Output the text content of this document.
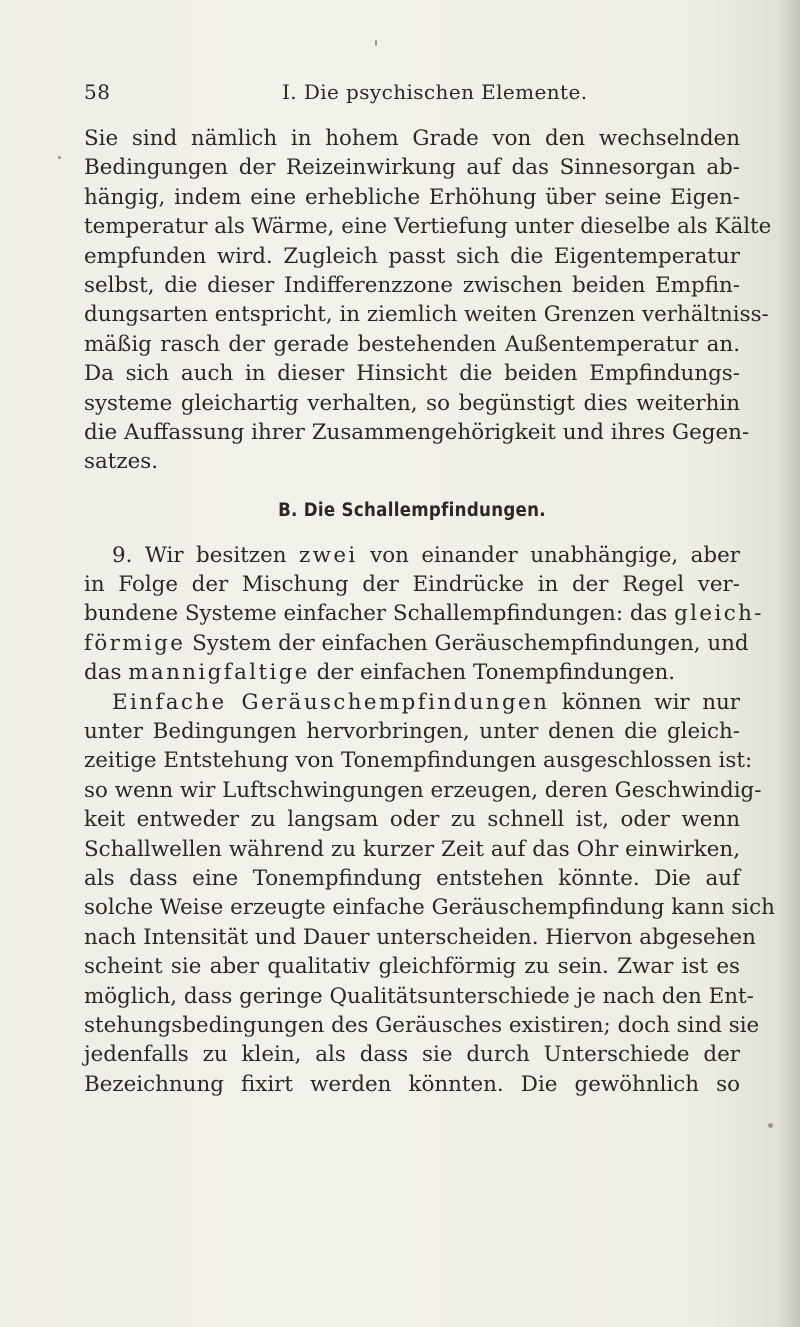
58	I. Die psychischen Elemente.
Sie sind nämlich in hohem Grade von den wechselnden
Bedingungen der Reizeinwirkung auf das Sinnesorgan ab-
hängig, indem eine erhebliche Erhöhung über seine Eigen-
temperatur als Wärme, eine Vertiefung unter dieselbe als Kälte
empfunden wird. Zugleich passt sich die Eigentemperatur
selbst, die dieser Indifferenzzone zwischen beiden Empfin-
dungsarten entspricht, in ziemlich weiten Grenzen verhältniss-
mäßig rasch der gerade bestehenden Außentemperatur an.
Da sich auch in dieser Hinsicht die beiden Empfindungs-
systeme gleichartig verhalten, so begünstigt dies weiterhin
die Auffassung ihrer Zusammengehörigkeit und ihres Gegen-
satzes.
B. Die Schallempfindungen.
9. Wir besitzen zwei von einander unabhängige, aber
in Folge der Mischung der Eindrücke in der Regel ver-
bundene Systeme einfacher Schallempfindungen: das gleich-
förmige System der einfachen Geräuschempfindungen, und
das mannigfaltige der einfachen Tonempfindungen.
Einfache Geräuschempfindungen können wir nur
unter Bedingungen hervorbringen, unter denen die gleich-
zeitige Entstehung von Tonempfindungen ausgeschlossen ist:
so wenn wir Luftschwingungen erzeugen, deren Geschwindig-
keit entweder zu langsam oder zu schnell ist, oder wenn
Schallwellen während zu kurzer Zeit auf das Ohr einwirken,
als dass eine Tonempfindung entstehen könnte. Die auf
solche Weise erzeugte einfache Geräuschempfindung kann sich
nach Intensität und Dauer unterscheiden. Hiervon abgesehen
scheint sie aber qualitativ gleichförmig zu sein. Zwar ist es
möglich, dass geringe Qualitätsunterschiede je nach den Ent-
stehungsbedingungen des Geräusches existiren; doch sind sie
jedenfalls zu klein, als dass sie durch Unterschiede der
Bezeichnung fixirt werden könnten. Die gewöhnlich so
